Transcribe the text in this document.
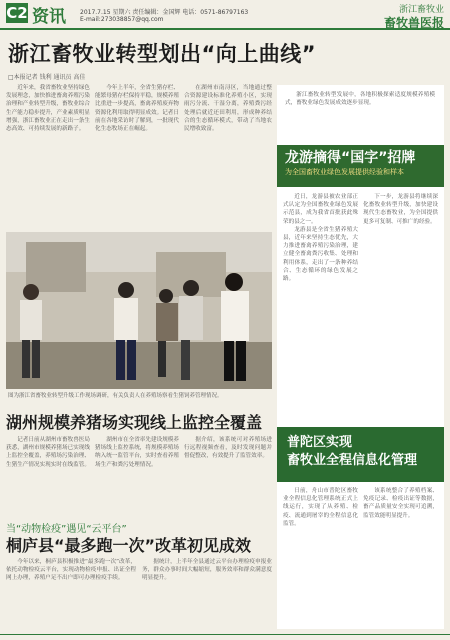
C2 资讯 2017.7.15 星期六 责任编辑：金国辉 电话：0571-86797163
E-mail:273038857@qq.com
浙江畜牧业
畜牧兽医报
浙江畜牧业转型划出“向上曲线”
□本报记者 钱利 通讯员 高佳
近年来，我省畜牧业坚持绿色发展理念，加快推进畜禽养殖污染治理和产业转型升级，畜牧业综合生产能力稳步提升，产业素质明显增强，浙江畜牧业正在走出一条生态高效、可持续发展的新路子。
今年上半年，全省生猪存栏、能繁母猪存栏保持平稳，规模养殖比重进一步提高，畜禽养殖废弃物资源化利用取得明显成效。记者日前在各地采访时了解到，一批现代化生态牧场正在崛起。
在湖州市南浔区，当地通过整合资源建设标准化养殖小区，实现雨污分流、干湿分离，养殖粪污经处理后就近还田利用，形成种养结合的生态循环模式，带动了当地农民增收致富。
图为浙江省畜牧业转型升级工作现场调研，有关负责人在养殖场察看生猪饲养管理情况。
湖州规模养猪场实现线上监控全覆盖
记者日前从湖州市畜牧兽医局获悉，湖州市规模养猪场已实现线上监控全覆盖，养殖场污染治理、生猪生产情况实现实时在线监管。
湖州市在全省率先建设规模养猪场线上监控系统，将规模养殖场纳入统一监管平台，实时查看养殖场生产和粪污处理情况。
据介绍，该系统可对养殖场进行远程视频查看，及时发现问题并督促整改，有效提升了监管效率。
当“动物检疫”遇见“云平台”
桐庐县“最多跑一次”改革初见成效
今年以来，桐庐县积极推进“最多跑一次”改革，依托动物检疫云平台，实现动物检疫申报、出证全程网上办理，养殖户足不出户即可办理检疫手续。
据统计，上半年全县通过云平台办理检疫申报业务，群众办事时间大幅缩短，服务效率和群众满意度明显提升。
浙江畜牧业转型发展中，各地积极探索适度规模养殖模式，畜牧业绿色发展成效逐步显现。
龙游摘得“国字”招牌
为全国畜牧业绿色发展提供经验和样本
近日，龙游县被农业部正式认定为全国畜牧业绿色发展示范县，成为我省首批获此殊荣的县之一。
龙游县是全省生猪养殖大县，近年来坚持生态优先，大力推进畜禽养殖污染治理，建立健全畜禽粪污收集、处理和利用体系，走出了一条种养结合、生态循环的绿色发展之路。
下一步，龙游县将继续深化畜牧业转型升级，加快建设现代生态畜牧业，为全国提供更多可复制、可推广的经验。
普陀区实现
畜牧业全程信息化管理
日前，舟山市普陀区畜牧业全程信息化管理系统正式上线运行，实现了从养殖、检疫、流通到屠宰的全程信息化监管。
该系统整合了养殖档案、免疫记录、检疫出证等数据，畜产品质量安全实现可追溯，监管效能明显提升。
